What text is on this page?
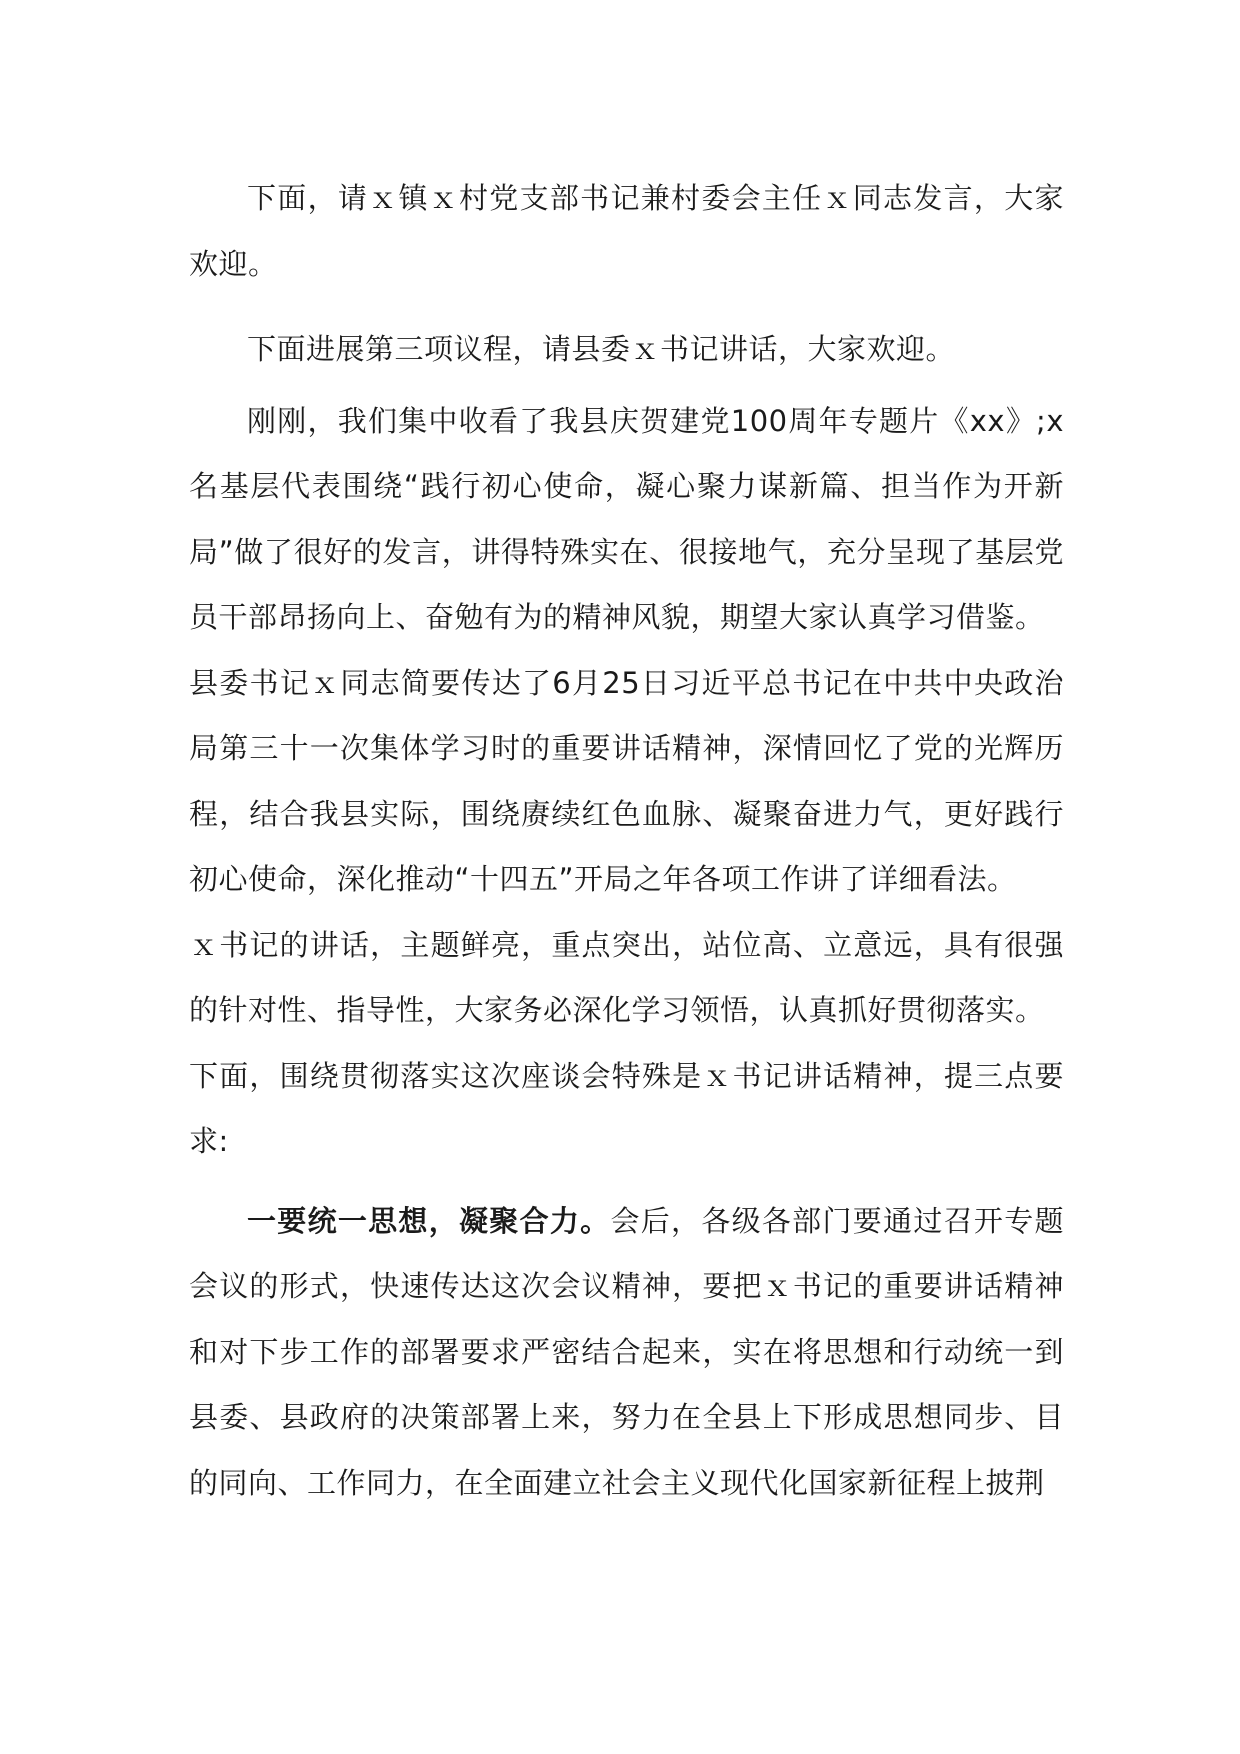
下面，请ｘ镇ｘ村党支部书记兼村委会主任ｘ同志发言，大家欢迎。

下面进展第三项议程，请县委ｘ书记讲话，大家欢迎。

刚刚，我们集中收看了我县庆贺建党100周年专题片《xx》;x名基层代表围绕“践行初心使命，凝心聚力谋新篇、担当作为开新局”做了很好的发言，讲得特殊实在、很接地气，充分呈现了基层党员干部昂扬向上、奋勉有为的精神风貌，期望大家认真学习借鉴。

县委书记ｘ同志简要传达了6月25日习近平总书记在中共中央政治局第三十一次集体学习时的重要讲话精神，深情回忆了党的光辉历程，结合我县实际，围绕赓续红色血脉、凝聚奋进力气，更好践行初心使命，深化推动“十四五”开局之年各项工作讲了详细看法。

ｘ书记的讲话，主题鲜亮，重点突出，站位高、立意远，具有很强的针对性、指导性，大家务必深化学习领悟，认真抓好贯彻落实。

下面，围绕贯彻落实这次座谈会特殊是ｘ书记讲话精神，提三点要求:

一要统一思想，凝聚合力。会后，各级各部门要通过召开专题会议的形式，快速传达这次会议精神，要把ｘ书记的重要讲话精神和对下步工作的部署要求严密结合起来，实在将思想和行动统一到县委、县政府的决策部署上来，努力在全县上下形成思想同步、目的同向、工作同力，在全面建立社会主义现代化国家新征程上披荆
